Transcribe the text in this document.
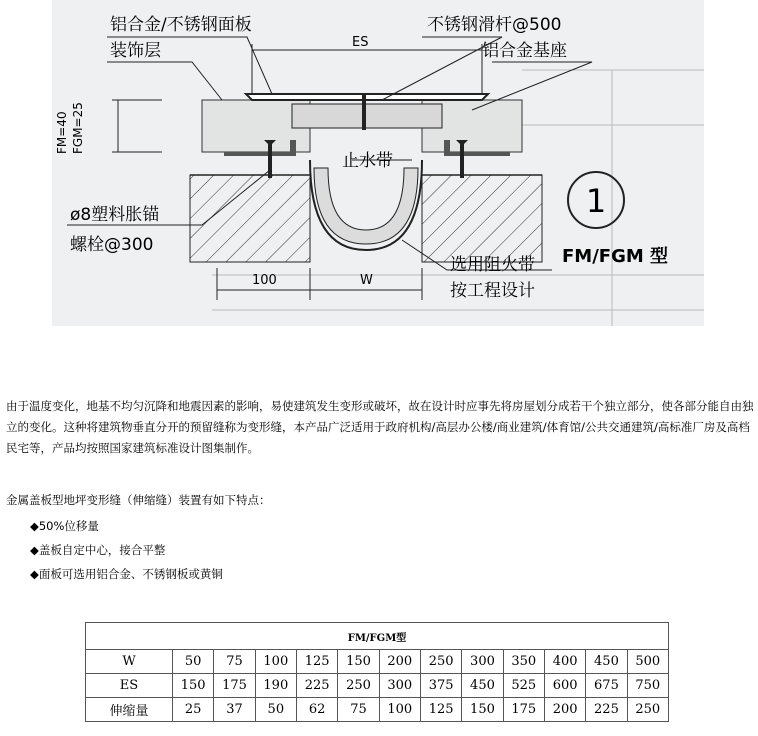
铝合金/不锈钢面板
装饰层
不锈钢滑杆@500
铝合金基座
ES
FM=40 FGM=25
止水带
ø8塑料胀锚
螺栓@300
100	W
选用阻火带
按工程设计
1
FM/FGM 型

由于温度变化，地基不均匀沉降和地震因素的影响，易使建筑发生变形或破坏，故在设计时应事先将房屋划分成若干个独立部分，使各部分能自由独立的变化。这种将建筑物垂直分开的预留缝称为变形缝，本产品广泛适用于政府机构/高层办公楼/商业建筑/体育馆/公共交通建筑/高标准厂房及高档民宅等，产品均按照国家建筑标准设计图集制作。

金属盖板型地坪变形缝（伸缩缝）装置有如下特点：
◆50%位移量
◆盖板自定中心，接合平整
◆面板可选用铝合金、不锈钢板或黄铜
FM/FGM型												
W	50	75	100	125	150	200	250	300	350	400	450	500
ES	150	175	190	225	250	300	375	450	525	600	675	750
伸缩量	25	37	50	62	75	100	125	150	175	200	225	250
